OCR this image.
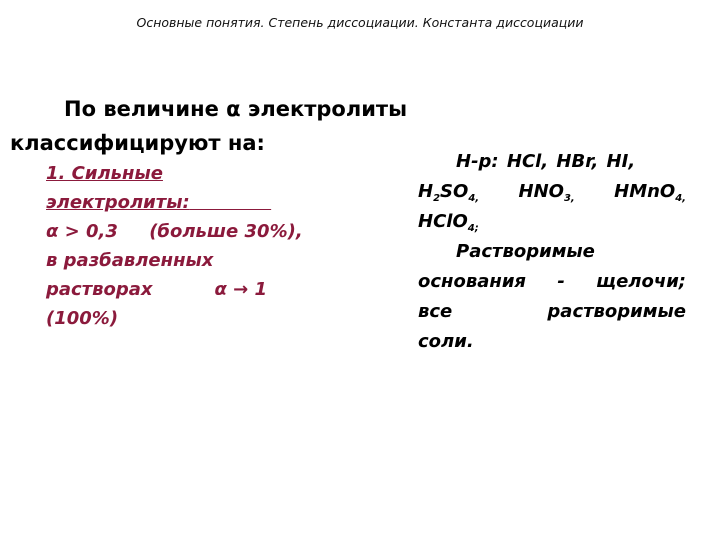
Основные понятия. Степень диссоциации. Константа диссоциации
По величине α электролиты
классифицируют на:
1. Сильные
электролиты:
α > 0,3     (больше 30%),
в разбавленных
растворах	α → 1
(100%)
Н-р: HCl, HBr, HI,
$H_2SO_{4,}$ $HNO_{3,}$ HMnO$_{4,}$
HClO$_{4;}$
Растворимые
основания - щелочи;
все	растворимые
соли.
